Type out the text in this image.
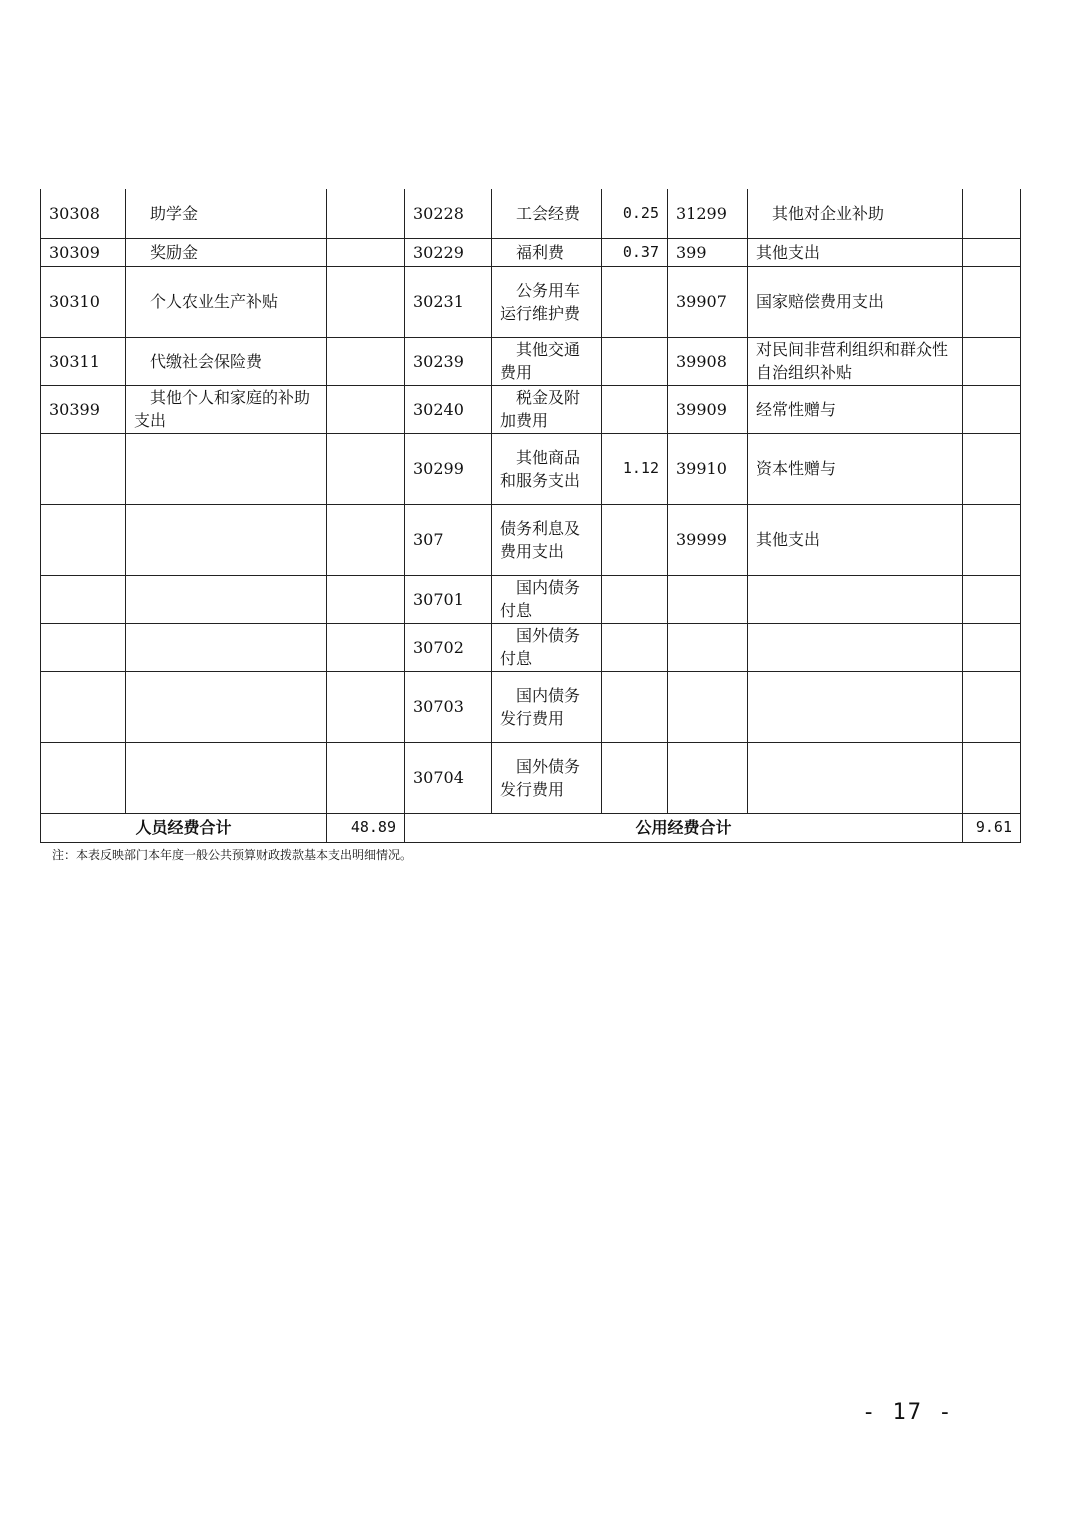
30308	助学金		30228	工会经费	0.25	31299	其他对企业补助	
30309	奖励金		30229	福利费	0.37	399	其他支出	
30310	个人农业生产补贴		30231	公务用车运行维护费		39907	国家赔偿费用支出	
30311	代缴社会保险费		30239	其他交通费用		39908	对民间非营利组织和群众性自治组织补贴	
30399	其他个人和家庭的补助支出		30240	税金及附加费用		39909	经常性赠与	
			30299	其他商品和服务支出	1.12	39910	资本性赠与	
			307	债务利息及费用支出		39999	其他支出	
			30701	国内债务付息				
			30702	国外债务付息				
			30703	国内债务发行费用				
			30704	国外债务发行费用				
人员经费合计		48.89	公用经费合计					9.61
注：本表反映部门本年度一般公共预算财政拨款基本支出明细情况。
- 17 -
